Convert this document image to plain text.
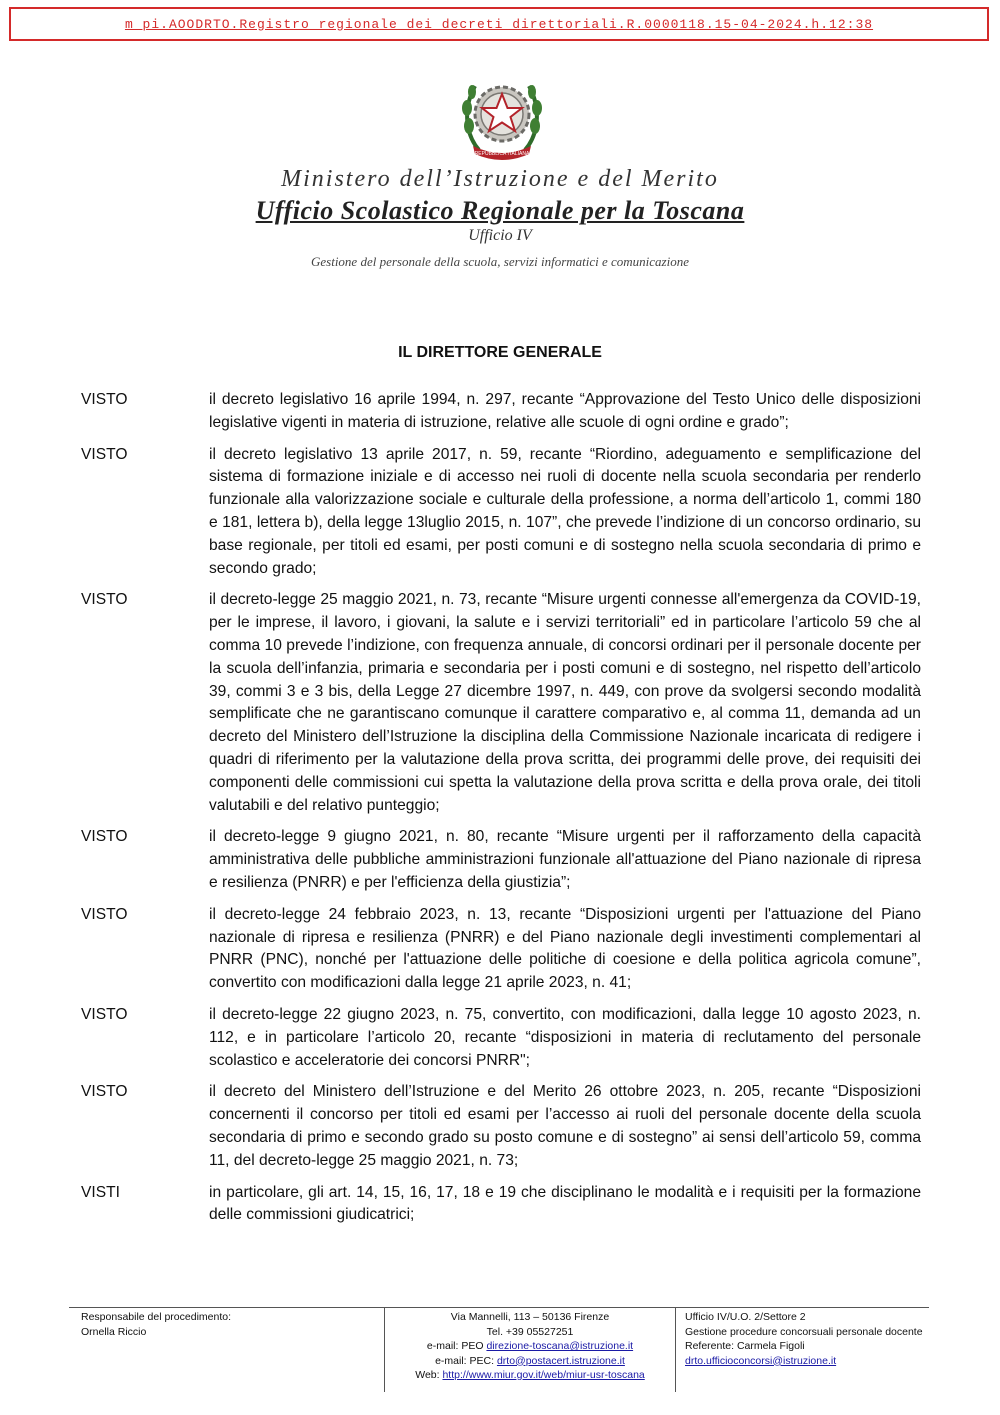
m_pi.AOODRTO.Registro regionale dei decreti direttoriali.R.0000118.15-04-2024.h.12:38
REPUBBLICA ITALIANA
Ministero dell’Istruzione e del Merito
Ufficio Scolastico Regionale per la Toscana
Ufficio IV
Gestione del personale della scuola, servizi informatici e comunicazione
IL DIRETTORE GENERALE
VISTO	il decreto legislativo 16 aprile 1994, n. 297, recante “Approvazione del Testo Unico delle disposizioni legislative vigenti in materia di istruzione, relative alle scuole di ogni ordine e grado”;
VISTO	il decreto legislativo 13 aprile 2017, n. 59, recante “Riordino, adeguamento e semplificazione del sistema di formazione iniziale e di accesso nei ruoli di docente nella scuola secondaria per renderlo funzionale alla valorizzazione sociale e culturale della professione, a norma dell’articolo 1, commi 180 e 181, lettera b), della legge 13luglio 2015, n. 107”, che prevede l’indizione di un concorso ordinario, su base regionale, per titoli ed esami, per posti comuni e di sostegno nella scuola secondaria di primo e secondo grado;
VISTO	il decreto-legge 25 maggio 2021, n. 73, recante “Misure urgenti connesse all'emergenza da COVID-19, per le imprese, il lavoro, i giovani, la salute e i servizi territoriali” ed in particolare l’articolo 59 che al comma 10 prevede l’indizione, con frequenza annuale, di concorsi ordinari per il personale docente per la scuola dell’infanzia, primaria e secondaria per i posti comuni e di sostegno, nel rispetto dell’articolo 39, commi 3 e 3 bis, della Legge 27 dicembre 1997, n. 449, con prove da svolgersi secondo modalità semplificate che ne garantiscano comunque il carattere comparativo e, al comma 11, demanda ad un decreto del Ministero dell’Istruzione la disciplina della Commissione Nazionale incaricata di redigere i quadri di riferimento per la valutazione della prova scritta, dei programmi delle prove, dei requisiti dei componenti delle commissioni cui spetta la valutazione della prova scritta e della prova orale, dei titoli valutabili e del relativo punteggio;
VISTO	il decreto-legge 9 giugno 2021, n. 80, recante “Misure urgenti per il rafforzamento della capacità amministrativa delle pubbliche amministrazioni funzionale all'attuazione del Piano nazionale di ripresa e resilienza (PNRR) e per l'efficienza della giustizia”;
VISTO	il decreto-legge 24 febbraio 2023, n. 13, recante “Disposizioni urgenti per l'attuazione del Piano nazionale di ripresa e resilienza (PNRR) e del Piano nazionale degli investimenti complementari al PNRR (PNC), nonché per l'attuazione delle politiche di coesione e della politica agricola comune”, convertito con modificazioni dalla legge 21 aprile 2023, n. 41;
VISTO	il decreto-legge 22 giugno 2023, n. 75, convertito, con modificazioni, dalla legge 10 agosto 2023, n. 112, e in particolare l’articolo 20, recante “disposizioni in materia di reclutamento del personale scolastico e acceleratorie dei concorsi PNRR";
VISTO	il decreto del Ministero dell’Istruzione e del Merito 26 ottobre 2023, n. 205, recante “Disposizioni concernenti il concorso per titoli ed esami per l’accesso ai ruoli del personale docente della scuola secondaria di primo e secondo grado su posto comune e di sostegno” ai sensi dell’articolo 59, comma 11, del decreto-legge 25 maggio 2021, n. 73;
VISTI	in particolare, gli art. 14, 15, 16, 17, 18 e 19 che disciplinano le modalità e i requisiti per la formazione delle commissioni giudicatrici;
Responsabile del procedimento:
Ornella Riccio
Via Mannelli, 113 – 50136 Firenze
Tel. +39 05527251
e-mail: PEO direzione-toscana@istruzione.it
e-mail: PEC: drto@postacert.istruzione.it
Web: http://www.miur.gov.it/web/miur-usr-toscana
Ufficio IV/U.O. 2/Settore 2
Gestione procedure concorsuali personale docente
Referente: Carmela Figoli
drto.ufficioconcorsi@istruzione.it
